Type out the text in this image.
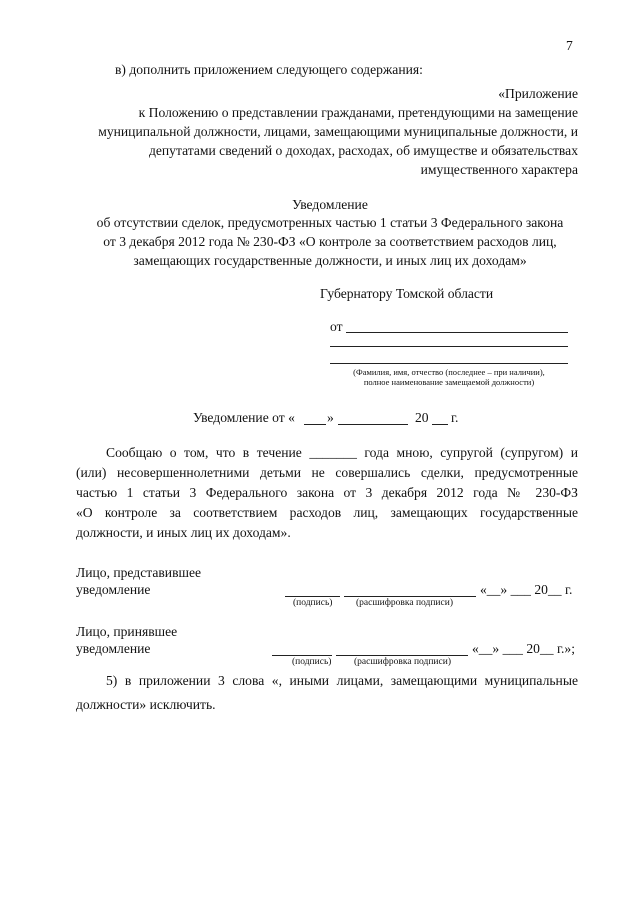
7
в) дополнить приложением следующего содержания:
«Приложение
к Положению о представлении гражданами, претендующими на замещение
муниципальной должности, лицами, замещающими муниципальные должности, и
депутатами сведений о доходах, расходах, об имуществе и обязательствах
имущественного характера
Уведомление
об отсутствии сделок, предусмотренных частью 1 статьи 3 Федерального закона
от 3 декабря 2012 года № 230-ФЗ «О контроле за соответствием расходов лиц,
замещающих государственные должности, и иных лиц их доходам»
Губернатору Томской области
от
(Фамилия, имя, отчество (последнее – при наличии),
полное наименование замещаемой должности)
Уведомление от « »	20 г.
Сообщаю о том, что в течение _______ года мною, супругой (супругом) и
(или) несовершеннолетними детьми не совершались сделки, предусмотренные
частью 1 статьи 3 Федерального закона от 3 декабря 2012 года № 230-ФЗ
«О контроле за соответствием расходов лиц, замещающих государственные
должности, и иных лиц их доходам».
Лицо, представившее
уведомление	«__» ___ 20__ г.
(подпись) (расшифровка подписи)
Лицо, принявшее
уведомление	«__» ___ 20__ г.»;
(подпись) (расшифровка подписи)
5) в приложении 3 слова «, иными лицами, замещающими муниципальные
должности» исключить.
